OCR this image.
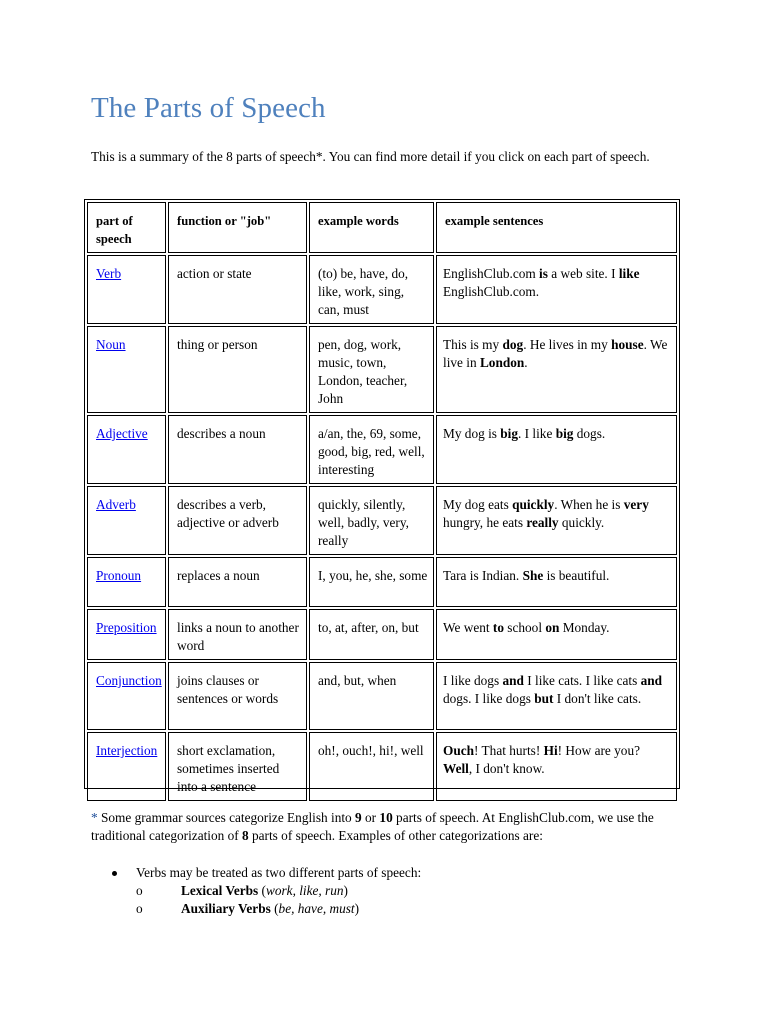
The Parts of Speech

This is a summary of the 8 parts of speech*. You can find more detail if you click on each part of speech.

part of speech	function or "job"	example words	example sentences
Verb	action or state	(to) be, have, do, like, work, sing, can, must	EnglishClub.com is a web site. I like EnglishClub.com.
Noun	thing or person	pen, dog, work, music, town, London, teacher, John	This is my dog. He lives in my house. We live in London.
Adjective	describes a noun	a/an, the, 69, some, good, big, red, well, interesting	My dog is big. I like big dogs.
Adverb	describes a verb, adjective or adverb	quickly, silently, well, badly, very, really	My dog eats quickly. When he is very hungry, he eats really quickly.
Pronoun	replaces a noun	I, you, he, she, some	Tara is Indian. She is beautiful.
Preposition	links a noun to another word	to, at, after, on, but	We went to school on Monday.
Conjunction	joins clauses or sentences or words	and, but, when	I like dogs and I like cats. I like cats and dogs. I like dogs but I don't like cats.
Interjection	short exclamation, sometimes inserted into a sentence	oh!, ouch!, hi!, well	Ouch! That hurts! Hi! How are you? Well, I don't know.

* Some grammar sources categorize English into 9 or 10 parts of speech. At EnglishClub.com, we use the traditional categorization of 8 parts of speech. Examples of other categorizations are:

Verbs may be treated as two different parts of speech:
o	Lexical Verbs (work, like, run)
o	Auxiliary Verbs (be, have, must)
